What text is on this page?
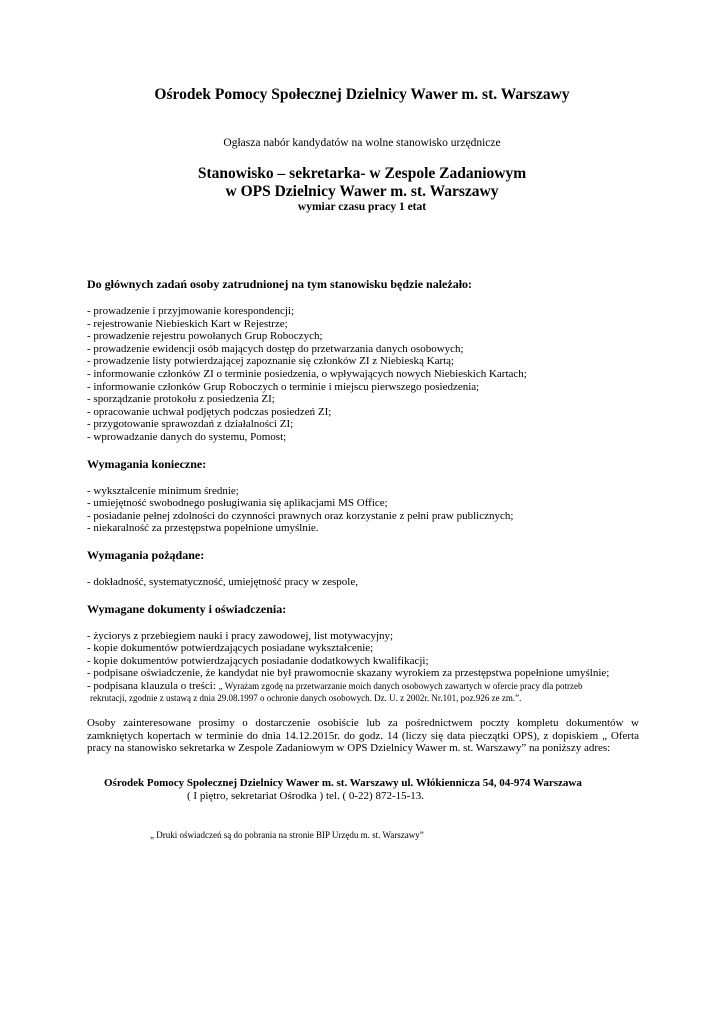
Ośrodek Pomocy Społecznej Dzielnicy Wawer m. st. Warszawy
Ogłasza nabór kandydatów na wolne stanowisko urzędnicze
Stanowisko – sekretarka- w Zespole Zadaniowym
w OPS Dzielnicy Wawer m. st. Warszawy
wymiar czasu pracy 1 etat
Do głównych zadań osoby zatrudnionej na tym stanowisku będzie należało:
- prowadzenie i przyjmowanie korespondencji;
- rejestrowanie Niebieskich Kart w Rejestrze;
- prowadzenie rejestru powołanych Grup Roboczych;
- prowadzenie ewidencji osób mających dostęp do przetwarzania danych osobowych;
- prowadzenie listy potwierdzającej zapoznanie się członków ZI z Niebieską Kartą;
- informowanie członków ZI o terminie posiedzenia, o wpływających nowych Niebieskich Kartach;
- informowanie członków Grup Roboczych o terminie i miejscu pierwszego posiedzenia;
- sporządzanie protokołu z posiedzenia ZI;
- opracowanie uchwał podjętych podczas posiedzeń ZI;
- przygotowanie sprawozdań z działalności ZI;
- wprowadzanie danych do systemu, Pomost;
Wymagania konieczne:
- wykształcenie minimum średnie;
- umiejętność swobodnego posługiwania się aplikacjami MS Office;
- posiadanie pełnej zdolności do czynności prawnych oraz korzystanie z pełni praw publicznych;
- niekaralność za przestępstwa popełnione umyślnie.
Wymagania pożądane:
- dokładność, systematyczność, umiejętność pracy w zespole,
Wymagane dokumenty i oświadczenia:
- życiorys z przebiegiem nauki i pracy zawodowej, list motywacyjny;
- kopie dokumentów potwierdzających posiadane wykształcenie;
- kopie dokumentów potwierdzających posiadanie dodatkowych kwalifikacji;
- podpisane oświadczenie, że kandydat nie był prawomocnie skazany wyrokiem za przestępstwa popełnione umyślnie;
- podpisana klauzula o treści: „ Wyrażam zgodę na przetwarzanie moich danych osobowych zawartych w ofercie pracy dla potrzeb
rekrutacji, zgodnie z ustawą z dnia 29.08.1997 o ochronie danych osobowych. Dz. U. z 2002r. Nr.101, poz.926 ze zm.”.

Osoby zainteresowane prosimy o dostarczenie osobiście lub za pośrednictwem poczty kompletu dokumentów w zamkniętych kopertach w terminie do dnia 14.12.2015r. do godz. 14 (liczy się data pieczątki OPS), z dopiskiem „ Oferta pracy na stanowisko sekretarka w Zespole Zadaniowym w OPS Dzielnicy Wawer m. st. Warszawy” na poniższy adres:

Ośrodek Pomocy Społecznej Dzielnicy Wawer m. st. Warszawy ul. Włókiennicza 54, 04-974 Warszawa
( I piętro, sekretariat Ośrodka ) tel. ( 0-22) 872-15-13.
„ Druki oświadczeń są do pobrania na stronie BIP Urzędu m. st. Warszawy”
